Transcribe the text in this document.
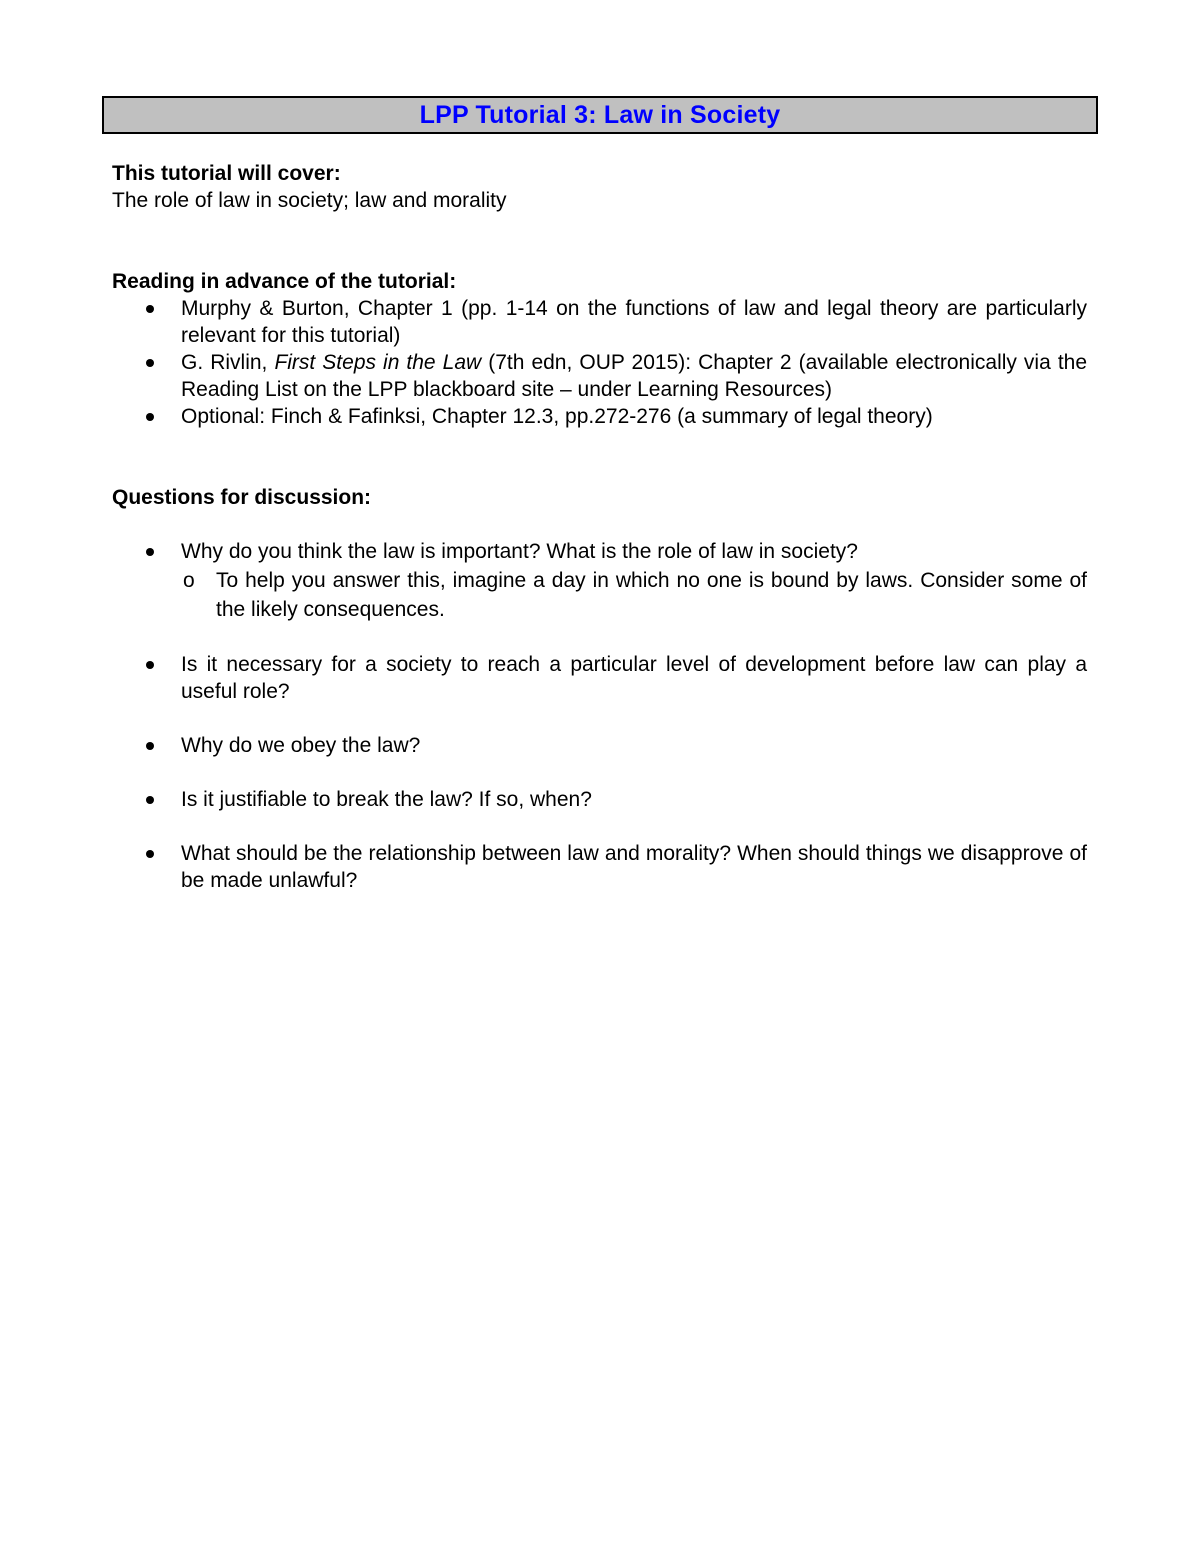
LPP Tutorial 3: Law in Society

This tutorial will cover:

The role of law in society; law and morality

Reading in advance of the tutorial:

Murphy & Burton, Chapter 1 (pp. 1-14 on the functions of law and legal theory are particularly relevant for this tutorial)
G. Rivlin, First Steps in the Law (7th edn, OUP 2015): Chapter 2 (available electronically via the Reading List on the LPP blackboard site – under Learning Resources)
Optional: Finch & Fafinksi, Chapter 12.3, pp.272-276 (a summary of legal theory)

Questions for discussion:

Why do you think the law is important? What is the role of law in society?
o	To help you answer this, imagine a day in which no one is bound by laws. Consider some of the likely consequences.
Is it necessary for a society to reach a particular level of development before law can play a useful role?
Why do we obey the law?
Is it justifiable to break the law? If so, when?
What should be the relationship between law and morality? When should things we disapprove of be made unlawful?
